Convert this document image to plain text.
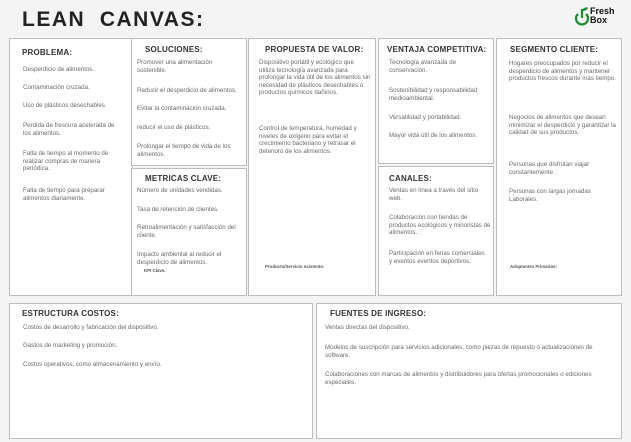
LEAN  CANVAS:	Fresh
Box
PROBLEMA:

Desperdicio de alimentos.

Contaminación cruzada.

Uso de plásticos desechables.

Perdida de frescura acelerada de los alimentos.

Falta de tiempo al momento de realizar compras de manera periódica.

Falta de tiempo para preparar alimentos diariamente.

SOLUCIONES:

Promover una alimentación sostenible.

Reducir el desperdicio de alimentos.

Evitar la contaminación cruzada.

reducir el uso de plásticos.

Prolongar el tiempo de vida de los alimentos.

METRICAS CLAVE:

Número de unidades vendidas.

Tasa de retención de clientes.

Retroalimentación y satisfacción del cliente.

Impacto ambiental al reducir el desperdicio de alimentos.

KPI Clave.
PROPUESTA DE VALOR:

Dispositivo portátil y ecológico que utiliza tecnología avanzada para prolongar la vida útil de los alimentos sin necesidad de plásticos desechables o productos químicos dañinos.

Control de temperatura, humedad y niveles de oxígeno para evitar el crecimiento bacteriano y retrasar el deterioro de los alimentos.

Producto/Servicio existente:
VENTAJA COMPETITIVA:

Tecnología avanzada de conservación.

Sostenibilidad y responsabilidad medioambiental.

Versatilidad y portabilidad.

Mayor vida útil de los alimentos.

CANALES:

Ventas en línea a través del sitio web.

Colaboración con tiendas de productos ecológicos y minoristas de alimentos.

Participación en ferias comerciales y eventos eventos deportivos.

SEGMENTO CLIENTE:

Hogares preocupados por reducir el desperdicio de alimentos y mantener productos frescos durante más tiempo.

Negocios de alimentos que desean minimizar el desperdicio y garantizar la calidad de sus productos.

Personas que disfrutan viajar constantemente .

Personas con largas jornadas Laborales.

Adoptantes Primarios:
ESTRUCTURA COSTOS:

Costos de desarrollo y fabricación del dispositivo.

Gastos de marketing y promoción.

Costos operativos, como almacenamiento y envío.

FUENTES DE INGRESO:

Ventas directas del dispositivo.

Modelos de suscripción para servicios adicionales, como piezas de repuesto o actualizaciones de software.

Colaboraciones con marcas de alimentos y distribuidores para ofertas promocionales o ediciones especiales.
